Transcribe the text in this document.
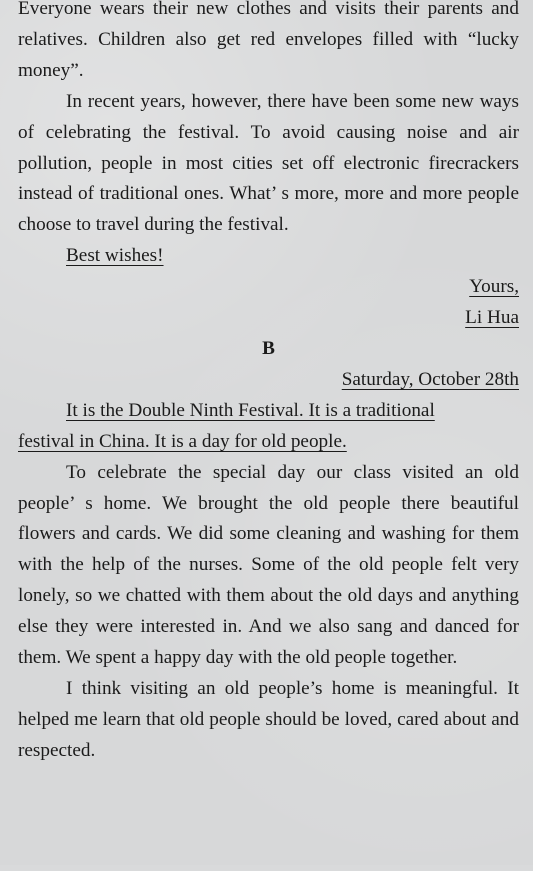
Everyone wears their new clothes and visits their parents and relatives. Children also get red envelopes filled with “lucky money”.

In recent years, however, there have been some new ways of celebrating the festival. To avoid causing noise and air pollution, people in most cities set off electronic firecrackers instead of traditional ones. What’ s more, more and more people choose to travel during the festival.

Best wishes!

Yours,

Li Hua

B

Saturday, October 28th

It is the Double Ninth Festival. It is a traditional

festival in China. It is a day for old people.

To celebrate the special day our class visited an old people’ s home. We brought the old people there beautiful flowers and cards. We did some cleaning and washing for them with the help of the nurses. Some of the old people felt very lonely, so we chatted with them about the old days and anything else they were interested in. And we also sang and danced for them. We spent a happy day with the old people together.

I think visiting an old people’s home is meaningful. It helped me learn that old people should be loved, cared about and respected.
